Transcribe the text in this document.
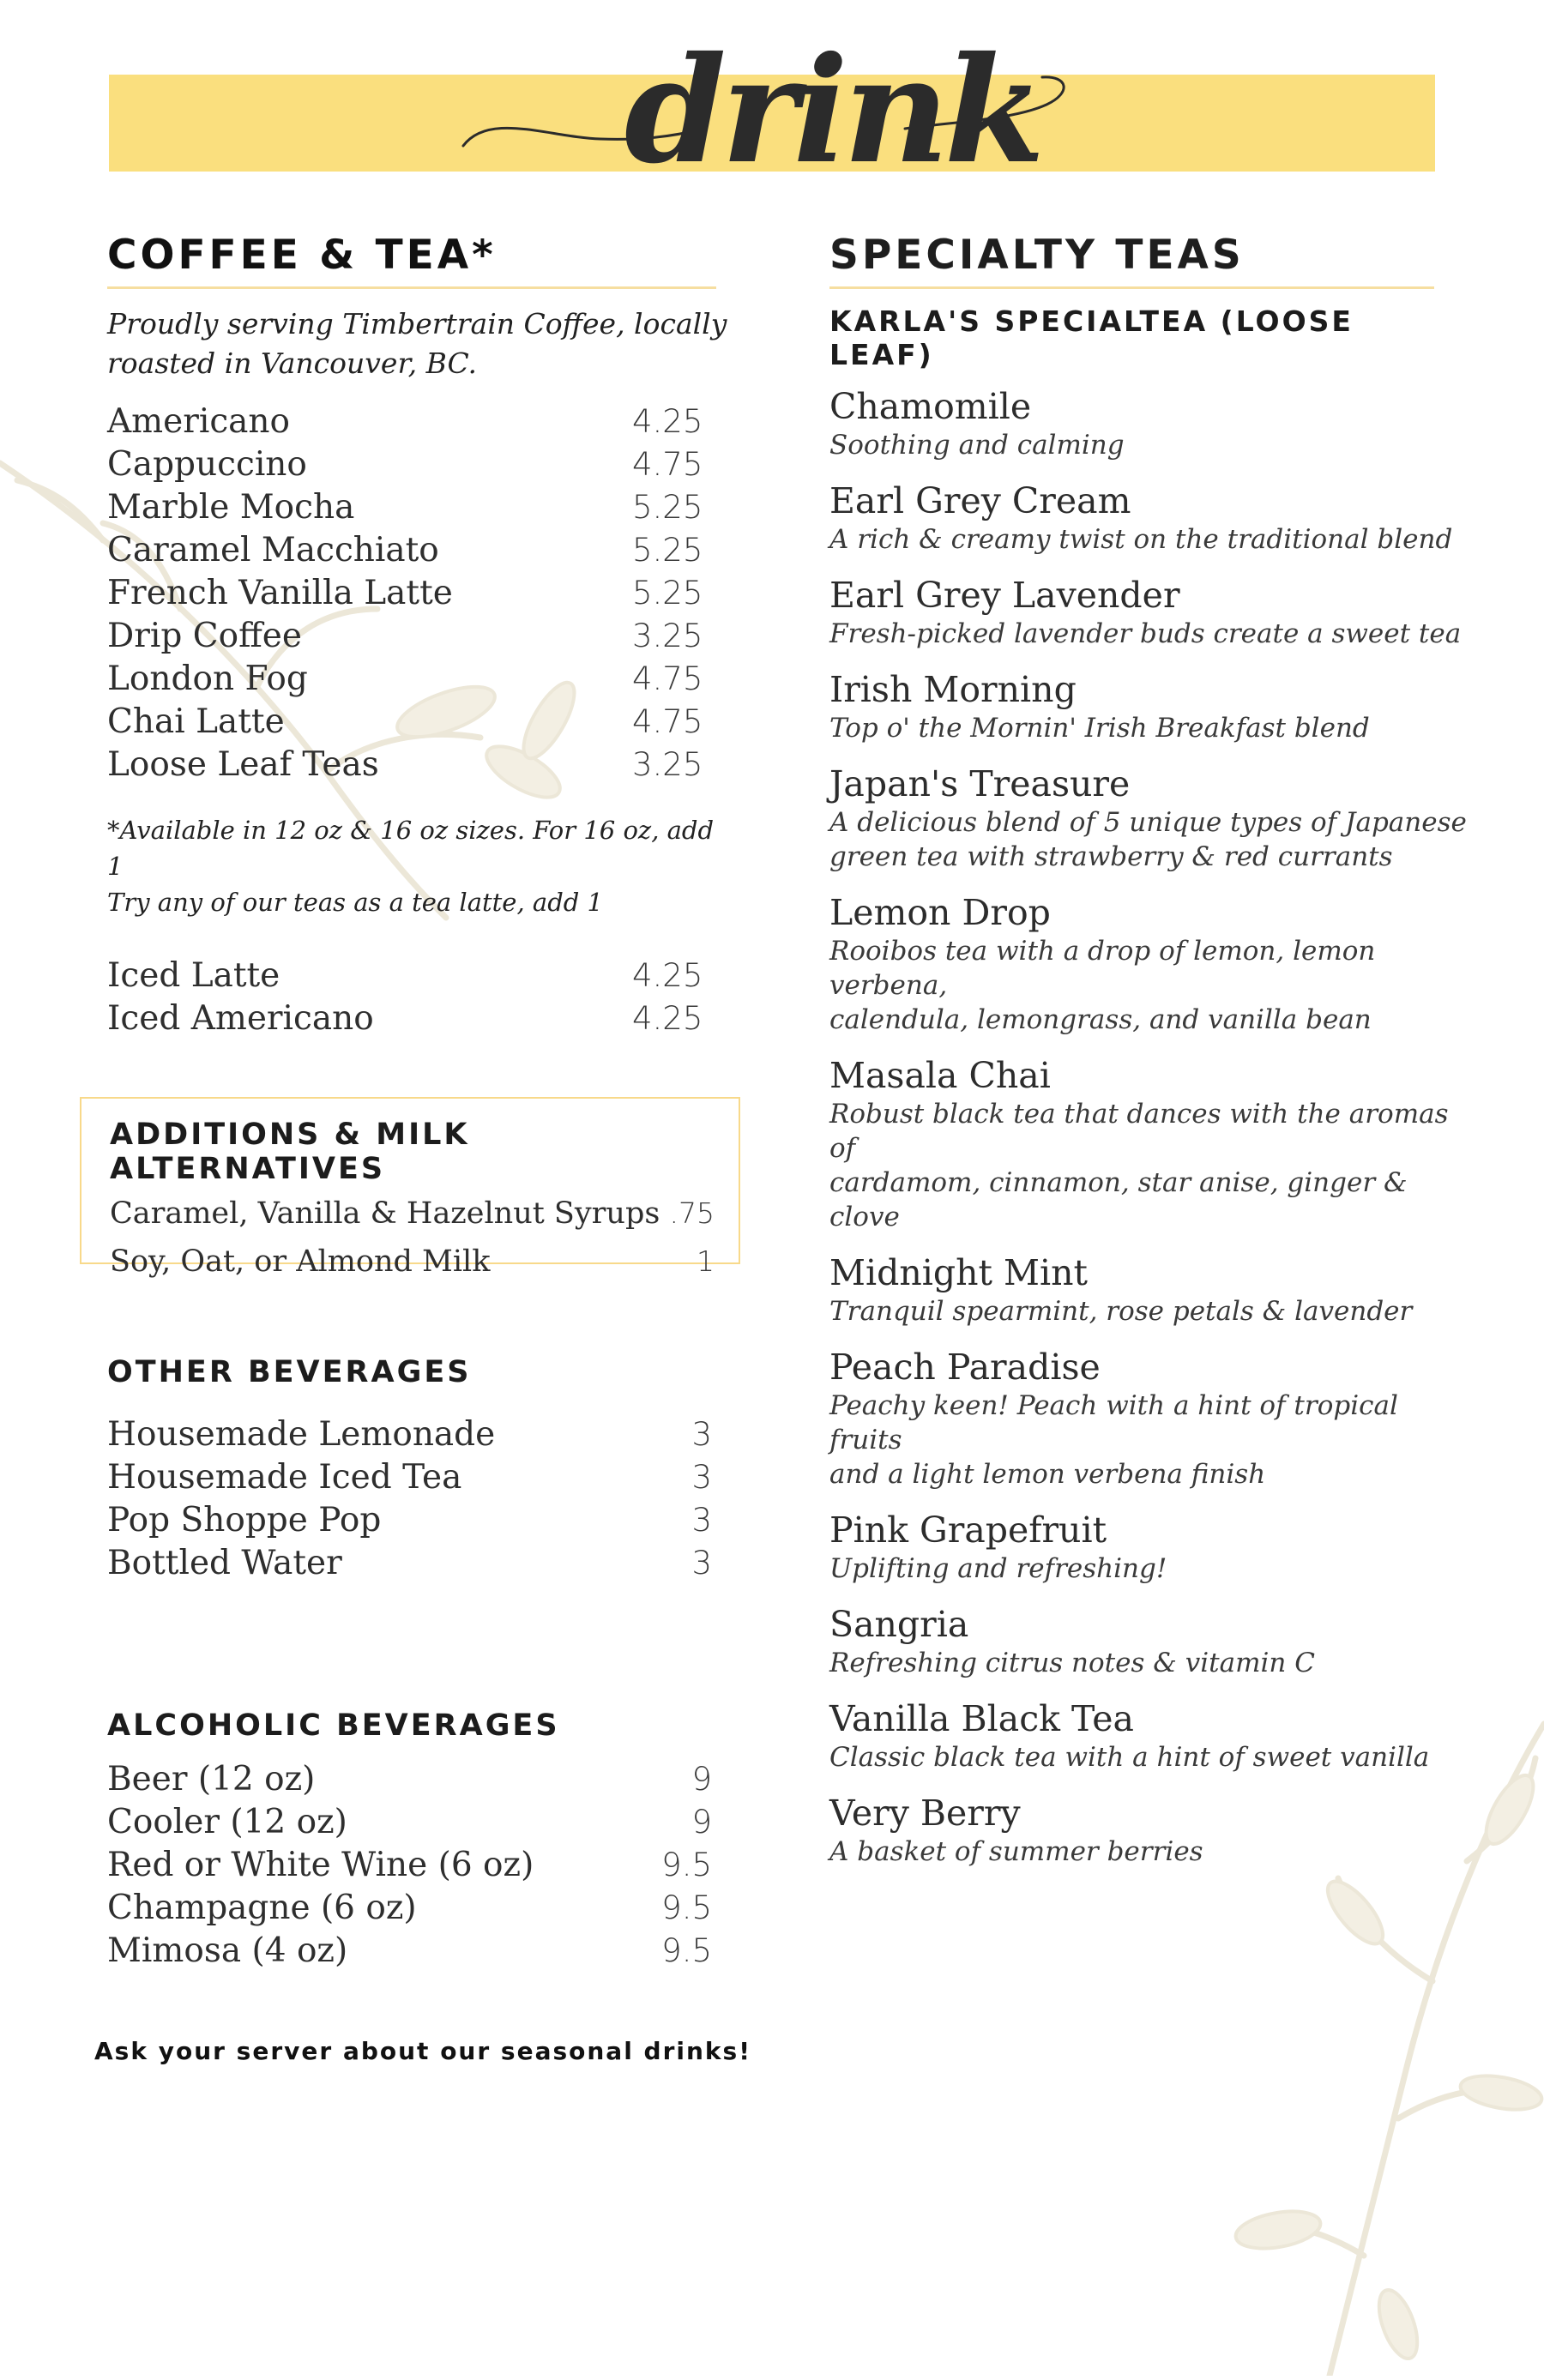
drink
COFFEE & TEA*
Proudly serving Timbertrain Coffee, locally roasted in Vancouver, BC.
Americano	4.25
Cappuccino	4.75
Marble Mocha	5.25
Caramel Macchiato	5.25
French Vanilla Latte	5.25
Drip Coffee	3.25
London Fog	4.75
Chai Latte	4.75
Loose Leaf Teas	3.25
*Available in 12 oz & 16 oz sizes. For 16 oz, add 1
Try any of our teas as a tea latte, add 1
Iced Latte	4.25
Iced Americano	4.25
ADDITIONS & MILK ALTERNATIVES
Caramel, Vanilla & Hazelnut Syrups .75
Soy, Oat, or Almond Milk	1
OTHER BEVERAGES
Housemade Lemonade	3
Housemade Iced Tea	3
Pop Shoppe Pop	3
Bottled Water	3
ALCOHOLIC BEVERAGES
Beer (12 oz)	9
Cooler (12 oz)	9
Red or White Wine (6 oz)	9.5
Champagne (6 oz)	9.5
Mimosa (4 oz)	9.5
Ask your server about our seasonal drinks!
SPECIALTY TEAS
KARLA'S SPECIALTEA (LOOSE LEAF)
Chamomile
Soothing and calming
Earl Grey Cream
A rich & creamy twist on the traditional blend
Earl Grey Lavender
Fresh-picked lavender buds create a sweet tea
Irish Morning
Top o' the Mornin' Irish Breakfast blend
Japan's Treasure
A delicious blend of 5 unique types of Japanese
green tea with strawberry & red currants
Lemon Drop
Rooibos tea with a drop of lemon, lemon verbena,
calendula, lemongrass, and vanilla bean
Masala Chai
Robust black tea that dances with the aromas of
cardamom, cinnamon, star anise, ginger & clove
Midnight Mint
Tranquil spearmint, rose petals & lavender
Peach Paradise
Peachy keen! Peach with a hint of tropical fruits
and a light lemon verbena finish
Pink Grapefruit
Uplifting and refreshing!
Sangria
Refreshing citrus notes & vitamin C
Vanilla Black Tea
Classic black tea with a hint of sweet vanilla
Very Berry
A basket of summer berries
